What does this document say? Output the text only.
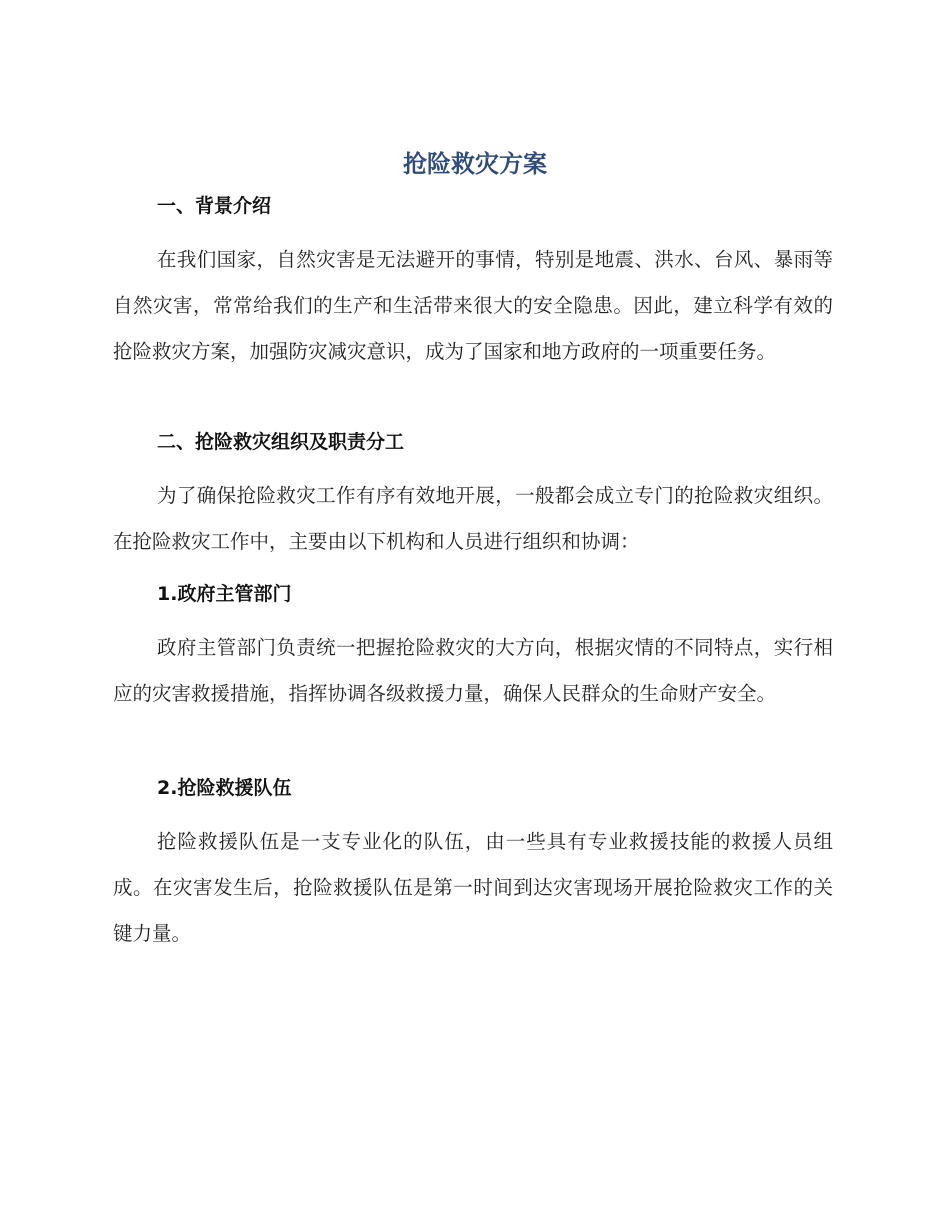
抢险救灾方案
一、背景介绍

在我们国家，自然灾害是无法避开的事情，特别是地震、洪水、台风、暴雨等自然灾害，常常给我们的生产和生活带来很大的安全隐患。因此，建立科学有效的抢险救灾方案，加强防灾减灾意识，成为了国家和地方政府的一项重要任务。

二、抢险救灾组织及职责分工

为了确保抢险救灾工作有序有效地开展，一般都会成立专门的抢险救灾组织。在抢险救灾工作中，主要由以下机构和人员进行组织和协调：

1.政府主管部门

政府主管部门负责统一把握抢险救灾的大方向，根据灾情的不同特点，实行相应的灾害救援措施，指挥协调各级救援力量，确保人民群众的生命财产安全。

2.抢险救援队伍

抢险救援队伍是一支专业化的队伍，由一些具有专业救援技能的救援人员组成。在灾害发生后，抢险救援队伍是第一时间到达灾害现场开展抢险救灾工作的关键力量。
